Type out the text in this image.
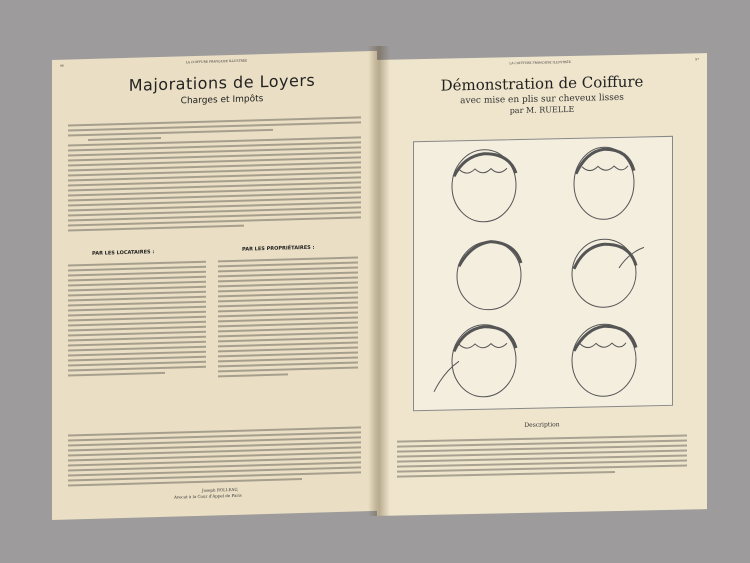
96
LA COIFFURE FRANÇAISE ILLUSTRÉE
Majorations de Loyers
Charges et Impôts
PAR LES LOCATAIRES :
PAR LES PROPRIÉTAIRES :
Joseph ROLLEAU,
Avocat à la Cour d'Appel de Paris
LA COIFFURE FRANÇAISE ILLUSTRÉE
97
Démonstration de Coiffure
avec mise en plis sur cheveux lisses
par M. RUELLE
Description
